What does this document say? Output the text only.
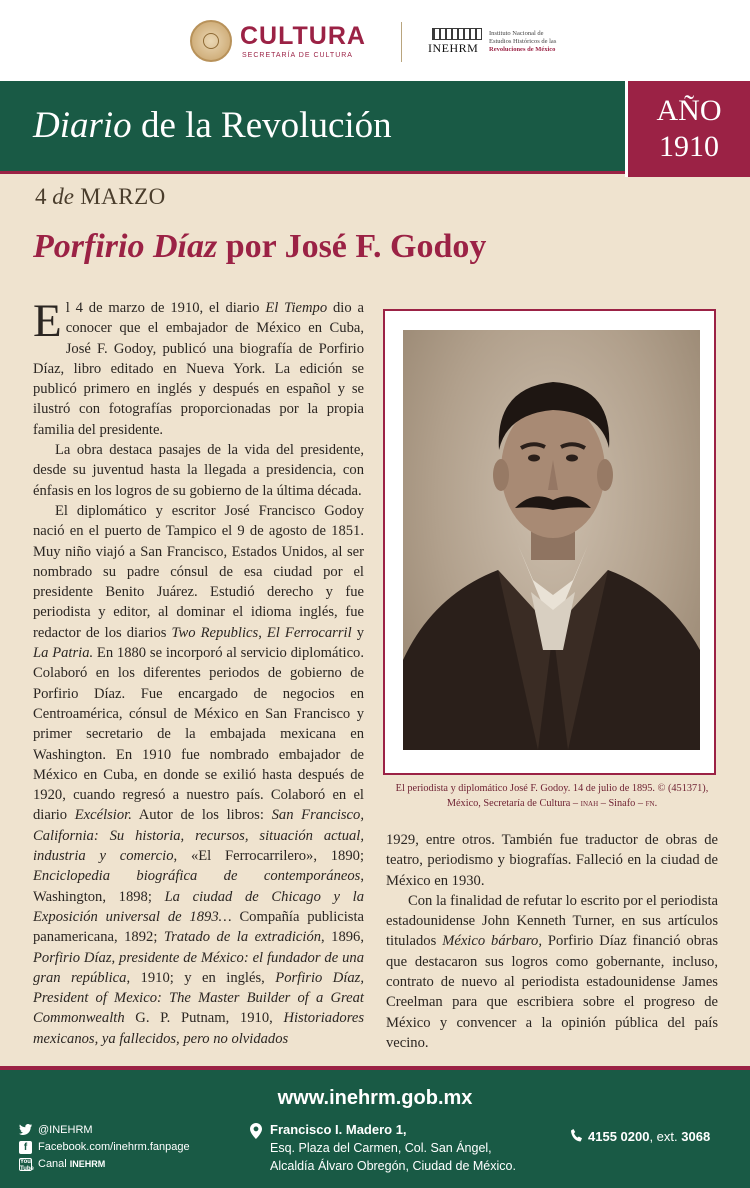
CULTURA
SECRETARÍA DE CULTURA
INEHRM
Instituto Nacional de
Estudios Históricos de las
Revoluciones de México
Diario de la Revolución	AÑO
1910
4 de MARZO
Porfirio Díaz por José F. Godoy

El 4 de marzo de 1910, el diario El Tiempo dio a conocer que el embajador de México en Cuba, José F. Godoy, publicó una biografía de Porfirio Díaz, libro editado en Nueva York. La edición se publicó primero en inglés y después en español y se ilustró con fotografías proporcionadas por la propia familia del presidente.

La obra destaca pasajes de la vida del presidente, desde su juventud hasta la llegada a presidencia, con énfasis en los logros de su gobierno de la última década.

El diplomático y escritor José Francisco Godoy nació en el puerto de Tampico el 9 de agosto de 1851. Muy niño viajó a San Francisco, Estados Unidos, al ser nombrado su padre cónsul de esa ciudad por el presidente Benito Juárez. Estudió derecho y fue periodista y editor, al dominar el idioma inglés, fue redactor de los diarios Two Republics, El Ferrocarril y La Patria. En 1880 se incorporó al servicio diplomático. Colaboró en los diferentes periodos de gobierno de Porfirio Díaz. Fue encargado de negocios en Centroamérica, cónsul de México en San Francisco y primer secretario de la embajada mexicana en Washington. En 1910 fue nombrado embajador de México en Cuba, en donde se exilió hasta después de 1920, cuando regresó a nuestro país. Colaboró en el diario Excélsior. Autor de los libros: San Francisco, California: Su historia, recursos, situación actual, industria y comercio, «El Ferrocarrilero», 1890; Enciclopedia biográfica de contemporáneos, Washington, 1898; La ciudad de Chicago y la Exposición universal de 1893… Compañía publicista panamericana, 1892; Tratado de la extradición, 1896, Porfirio Díaz, presidente de México: el fundador de una gran república, 1910; y en inglés, Porfirio Díaz, President of Mexico: The Master Builder of a Great Commonwealth G. P. Putnam, 1910, Historiadores mexicanos, ya fallecidos, pero no olvidados

El periodista y diplomático José F. Godoy. 14 de julio de 1895. © (451371), México, Secretaría de Cultura – inah – Sinafo – fn.

1929, entre otros. También fue traductor de obras de teatro, periodismo y biografías. Falleció en la ciudad de México en 1930.

Con la finalidad de refutar lo escrito por el periodista estadounidense John Kenneth Turner, en sus artículos titulados México bárbaro, Porfirio Díaz financió obras que destacaron sus logros como gobernante, incluso, contrato de nuevo al periodista estadounidense James Creelman para que escribiera sobre el progreso de México y convencer a la opinión pública del país vecino.

www.inehrm.gob.mx
@INEHRM
f Facebook.com/inehrm.fanpage
You Tube Canal INEHRM
Francisco I. Madero 1,
Esq. Plaza del Carmen, Col. San Ángel,
Alcaldía Álvaro Obregón, Ciudad de México.
4155 0200, ext. 3068
